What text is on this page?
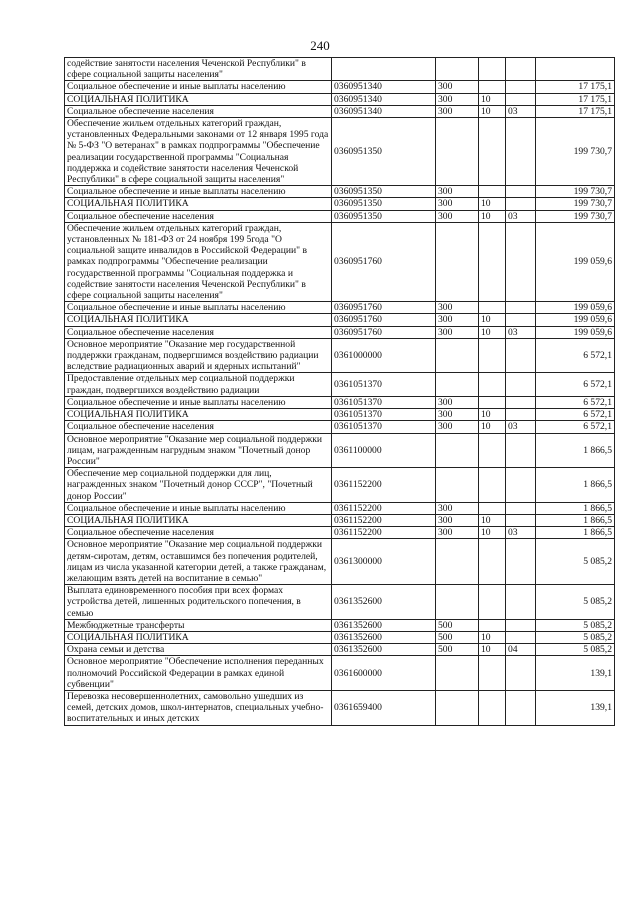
240
содействие занятости населения Чеченской Республики" в сфере социальной защиты населения"					
Социальное обеспечение и иные выплаты населению	0360951340	300			17 175,1
СОЦИАЛЬНАЯ ПОЛИТИКА	0360951340	300	10		17 175,1
Социальное обеспечение населения	0360951340	300	10	03	17 175,1
Обеспечение жильем отдельных категорий граждан, установленных Федеральными законами от 12 января 1995 года № 5-ФЗ "О ветеранах" в рамках подпрограммы "Обеспечение реализации государственной программы "Социальная поддержка и содействие занятости населения Чеченской Республики" в сфере социальной защиты населения"	0360951350				199 730,7
Социальное обеспечение и иные выплаты населению	0360951350	300			199 730,7
СОЦИАЛЬНАЯ ПОЛИТИКА	0360951350	300	10		199 730,7
Социальное обеспечение населения	0360951350	300	10	03	199 730,7
Обеспечение жильем отдельных категорий граждан, установленных № 181-ФЗ от 24 ноября 199 5года "О социальной защите инвалидов в Российской Федерации" в рамках подпрограммы "Обеспечение реализации государственной программы "Социальная поддержка и содействие занятости населения Чеченской Республики" в сфере социальной защиты населения"	0360951760				199 059,6
Социальное обеспечение и иные выплаты населению	0360951760	300			199 059,6
СОЦИАЛЬНАЯ ПОЛИТИКА	0360951760	300	10		199 059,6
Социальное обеспечение населения	0360951760	300	10	03	199 059,6
Основное мероприятие "Оказание мер государственной поддержки гражданам, подвергшимся воздействию радиации вследствие радиационных аварий и ядерных испытаний"	0361000000				6 572,1
Предоставление отдельных мер социальной поддержки граждан, подвергшихся воздействию радиации	0361051370				6 572,1
Социальное обеспечение и иные выплаты населению	0361051370	300			6 572,1
СОЦИАЛЬНАЯ ПОЛИТИКА	0361051370	300	10		6 572,1
Социальное обеспечение населения	0361051370	300	10	03	6 572,1
Основное мероприятие "Оказание мер социальной поддержки лицам, награжденным нагрудным знаком "Почетный донор России"	0361100000				1 866,5
Обеспечение мер социальной поддержки для лиц, награжденных знаком "Почетный донор СССР", "Почетный донор России"	0361152200				1 866,5
Социальное обеспечение и иные выплаты населению	0361152200	300			1 866,5
СОЦИАЛЬНАЯ ПОЛИТИКА	0361152200	300	10		1 866,5
Социальное обеспечение населения	0361152200	300	10	03	1 866,5
Основное мероприятие "Оказание мер социальной поддержки детям-сиротам, детям, оставшимся без попечения родителей, лицам из числа указанной категории детей, а также гражданам, желающим взять детей на воспитание в семью"	0361300000				5 085,2
Выплата единовременного пособия при всех формах устройства детей, лишенных родительского попечения, в семью	0361352600				5 085,2
Межбюджетные трансферты	0361352600	500			5 085,2
СОЦИАЛЬНАЯ ПОЛИТИКА	0361352600	500	10		5 085,2
Охрана семьи и детства	0361352600	500	10	04	5 085,2
Основное мероприятие "Обеспечение исполнения переданных полномочий Российской Федерации в рамках единой субвенции"	0361600000				139,1
Перевозка несовершеннолетних, самовольно ушедших из семей, детских домов, школ-интернатов, специальных учебно-воспитательных и иных детских	0361659400				139,1
